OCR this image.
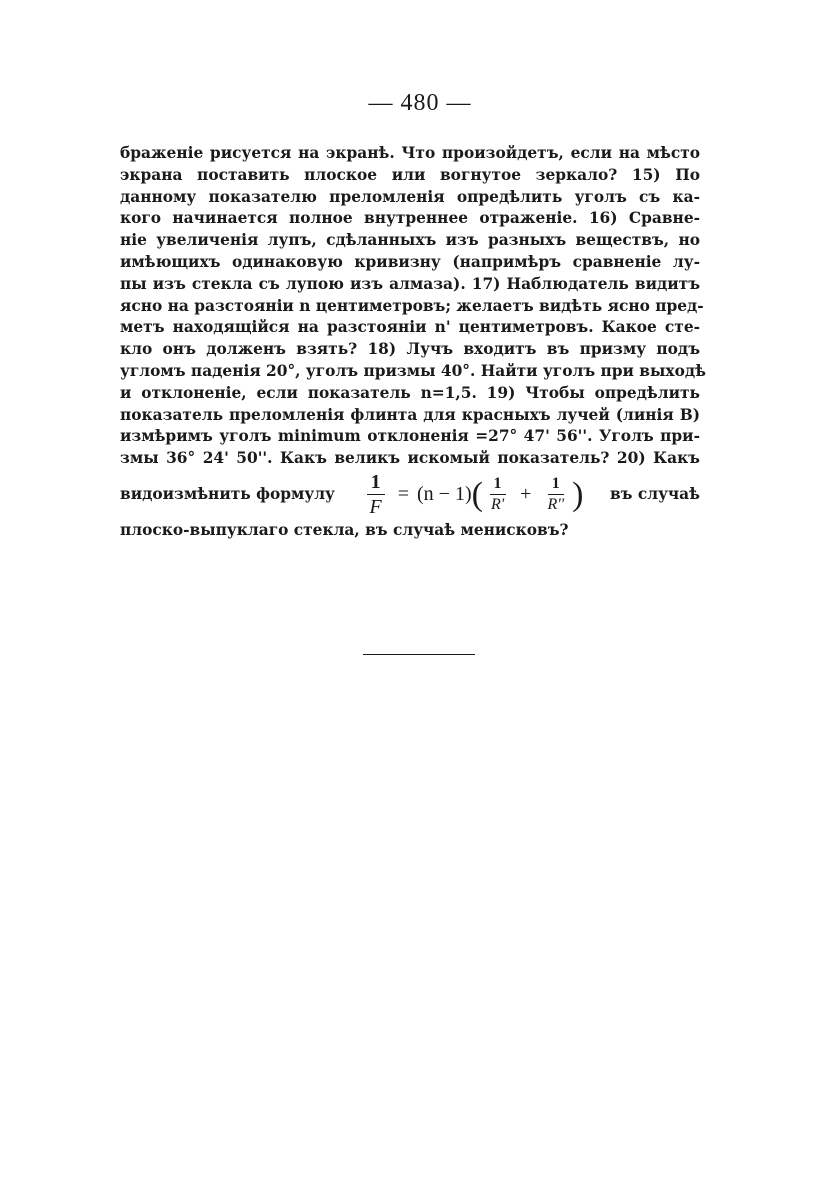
— 480 —
браженіе рисуется на экранѣ. Что произойдетъ, если на мѣсто
экрана поставить плоское или вогнутое зеркало? 15) По
данному показателю преломленія опредѣлить уголъ съ ка-
кого начинается полное внутреннее отраженіе. 16) Сравне-
ніе увеличенія лупъ, сдѣланныхъ изъ разныхъ веществъ, но
имѣющихъ одинаковую кривизну (напримѣръ сравненіе лу-
пы изъ стекла съ лупою изъ алмаза). 17) Наблюдатель видитъ
ясно на разстояніи n центиметровъ; желаетъ видѣть ясно пред-
метъ находящійся на разстояніи n' центиметровъ. Какое сте-
кло онъ долженъ взять? 18) Лучъ входитъ въ призму подъ
угломъ паденія 20°, уголъ призмы 40°. Найти уголъ при выходѣ
и отклоненіе, если показатель n=1,5. 19) Чтобы опредѣлить
показатель преломленія флинта для красныхъ лучей (линія B)
измѣримъ уголъ minimum отклоненія =27° 47' 56''. Уголъ при-
змы 36° 24' 50''. Какъ великъ искомый показатель? 20) Какъ
видоизмѣнить формулу $\frac{1}{F} = (n - 1)$ ( $\frac{1}{R'} + \frac{1}{R''}$ ) въ случаѣ
плоско-выпуклаго стекла, въ случаѣ менисковъ?
